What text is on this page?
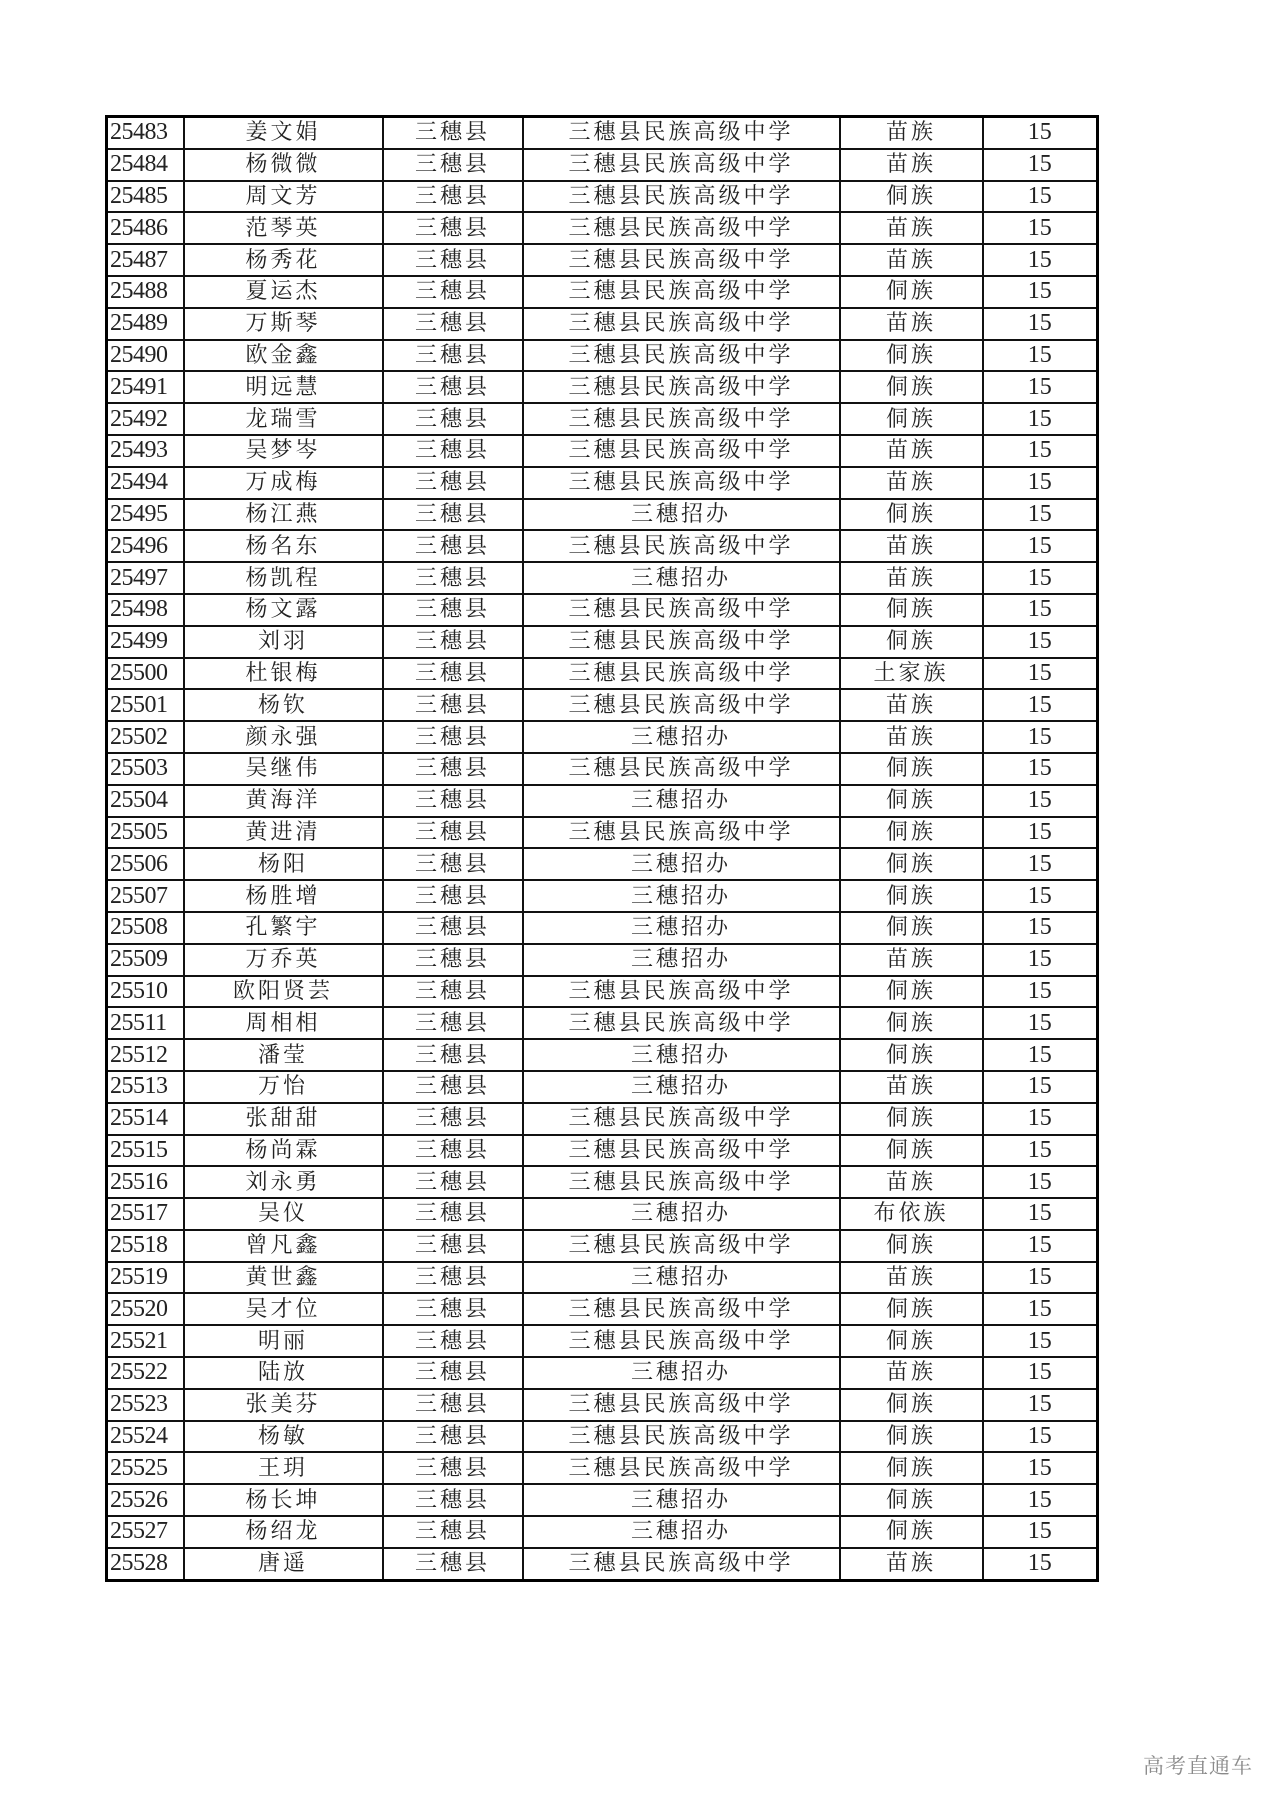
25483	姜文娟	三穗县	三穗县民族高级中学	苗族	15
25484	杨微微	三穗县	三穗县民族高级中学	苗族	15
25485	周文芳	三穗县	三穗县民族高级中学	侗族	15
25486	范琴英	三穗县	三穗县民族高级中学	苗族	15
25487	杨秀花	三穗县	三穗县民族高级中学	苗族	15
25488	夏运杰	三穗县	三穗县民族高级中学	侗族	15
25489	万斯琴	三穗县	三穗县民族高级中学	苗族	15
25490	欧金鑫	三穗县	三穗县民族高级中学	侗族	15
25491	明远慧	三穗县	三穗县民族高级中学	侗族	15
25492	龙瑞雪	三穗县	三穗县民族高级中学	侗族	15
25493	吴梦岑	三穗县	三穗县民族高级中学	苗族	15
25494	万成梅	三穗县	三穗县民族高级中学	苗族	15
25495	杨江燕	三穗县	三穗招办	侗族	15
25496	杨名东	三穗县	三穗县民族高级中学	苗族	15
25497	杨凯程	三穗县	三穗招办	苗族	15
25498	杨文露	三穗县	三穗县民族高级中学	侗族	15
25499	刘羽	三穗县	三穗县民族高级中学	侗族	15
25500	杜银梅	三穗县	三穗县民族高级中学	土家族	15
25501	杨钦	三穗县	三穗县民族高级中学	苗族	15
25502	颜永强	三穗县	三穗招办	苗族	15
25503	吴继伟	三穗县	三穗县民族高级中学	侗族	15
25504	黄海洋	三穗县	三穗招办	侗族	15
25505	黄进清	三穗县	三穗县民族高级中学	侗族	15
25506	杨阳	三穗县	三穗招办	侗族	15
25507	杨胜增	三穗县	三穗招办	侗族	15
25508	孔繁宇	三穗县	三穗招办	侗族	15
25509	万乔英	三穗县	三穗招办	苗族	15
25510	欧阳贤芸	三穗县	三穗县民族高级中学	侗族	15
25511	周相相	三穗县	三穗县民族高级中学	侗族	15
25512	潘莹	三穗县	三穗招办	侗族	15
25513	万怡	三穗县	三穗招办	苗族	15
25514	张甜甜	三穗县	三穗县民族高级中学	侗族	15
25515	杨尚霖	三穗县	三穗县民族高级中学	侗族	15
25516	刘永勇	三穗县	三穗县民族高级中学	苗族	15
25517	吴仪	三穗县	三穗招办	布依族	15
25518	曾凡鑫	三穗县	三穗县民族高级中学	侗族	15
25519	黄世鑫	三穗县	三穗招办	苗族	15
25520	吴才位	三穗县	三穗县民族高级中学	侗族	15
25521	明丽	三穗县	三穗县民族高级中学	侗族	15
25522	陆放	三穗县	三穗招办	苗族	15
25523	张美芬	三穗县	三穗县民族高级中学	侗族	15
25524	杨敏	三穗县	三穗县民族高级中学	侗族	15
25525	王玥	三穗县	三穗县民族高级中学	侗族	15
25526	杨长坤	三穗县	三穗招办	侗族	15
25527	杨绍龙	三穗县	三穗招办	侗族	15
25528	唐遥	三穗县	三穗县民族高级中学	苗族	15
高考直通车
